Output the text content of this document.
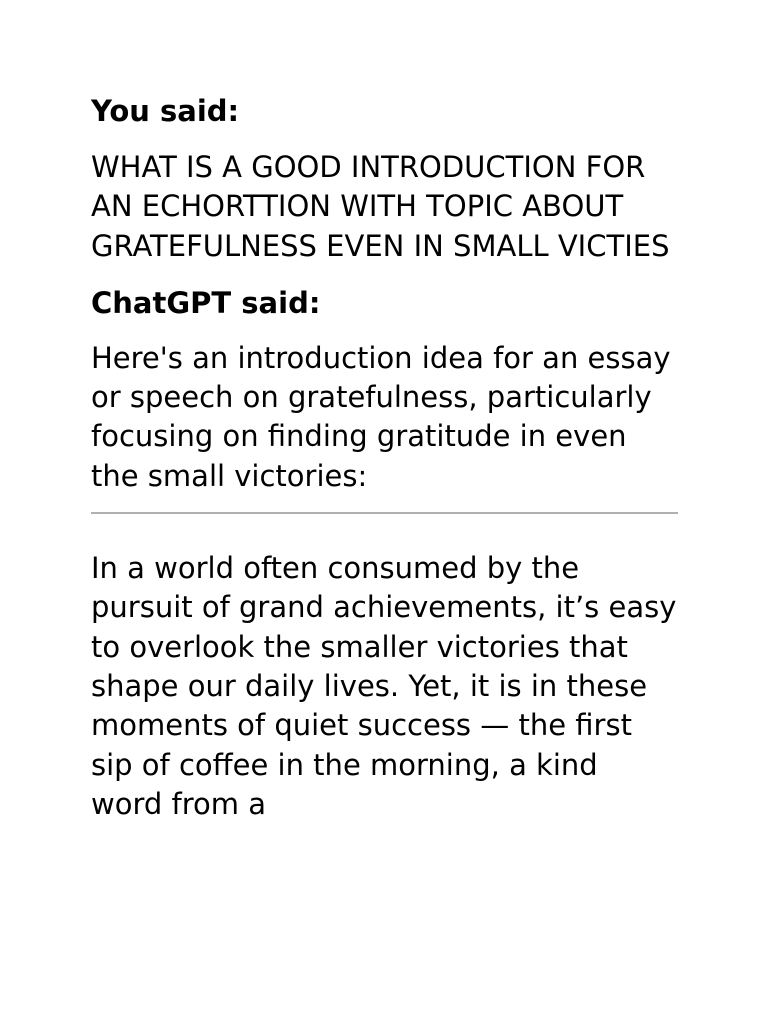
You said:
WHAT IS A GOOD INTRODUCTION FOR AN ECHORTTION WITH TOPIC ABOUT GRATEFULNESS EVEN IN SMALL VICTIES
ChatGPT said:
Here's an introduction idea for an essay or speech on gratefulness, particularly focusing on finding gratitude in even the small victories:
In a world often consumed by the pursuit of grand achievements, it’s easy to overlook the smaller victories that shape our daily lives. Yet, it is in these moments of quiet success — the first sip of coffee in the morning, a kind word from a
